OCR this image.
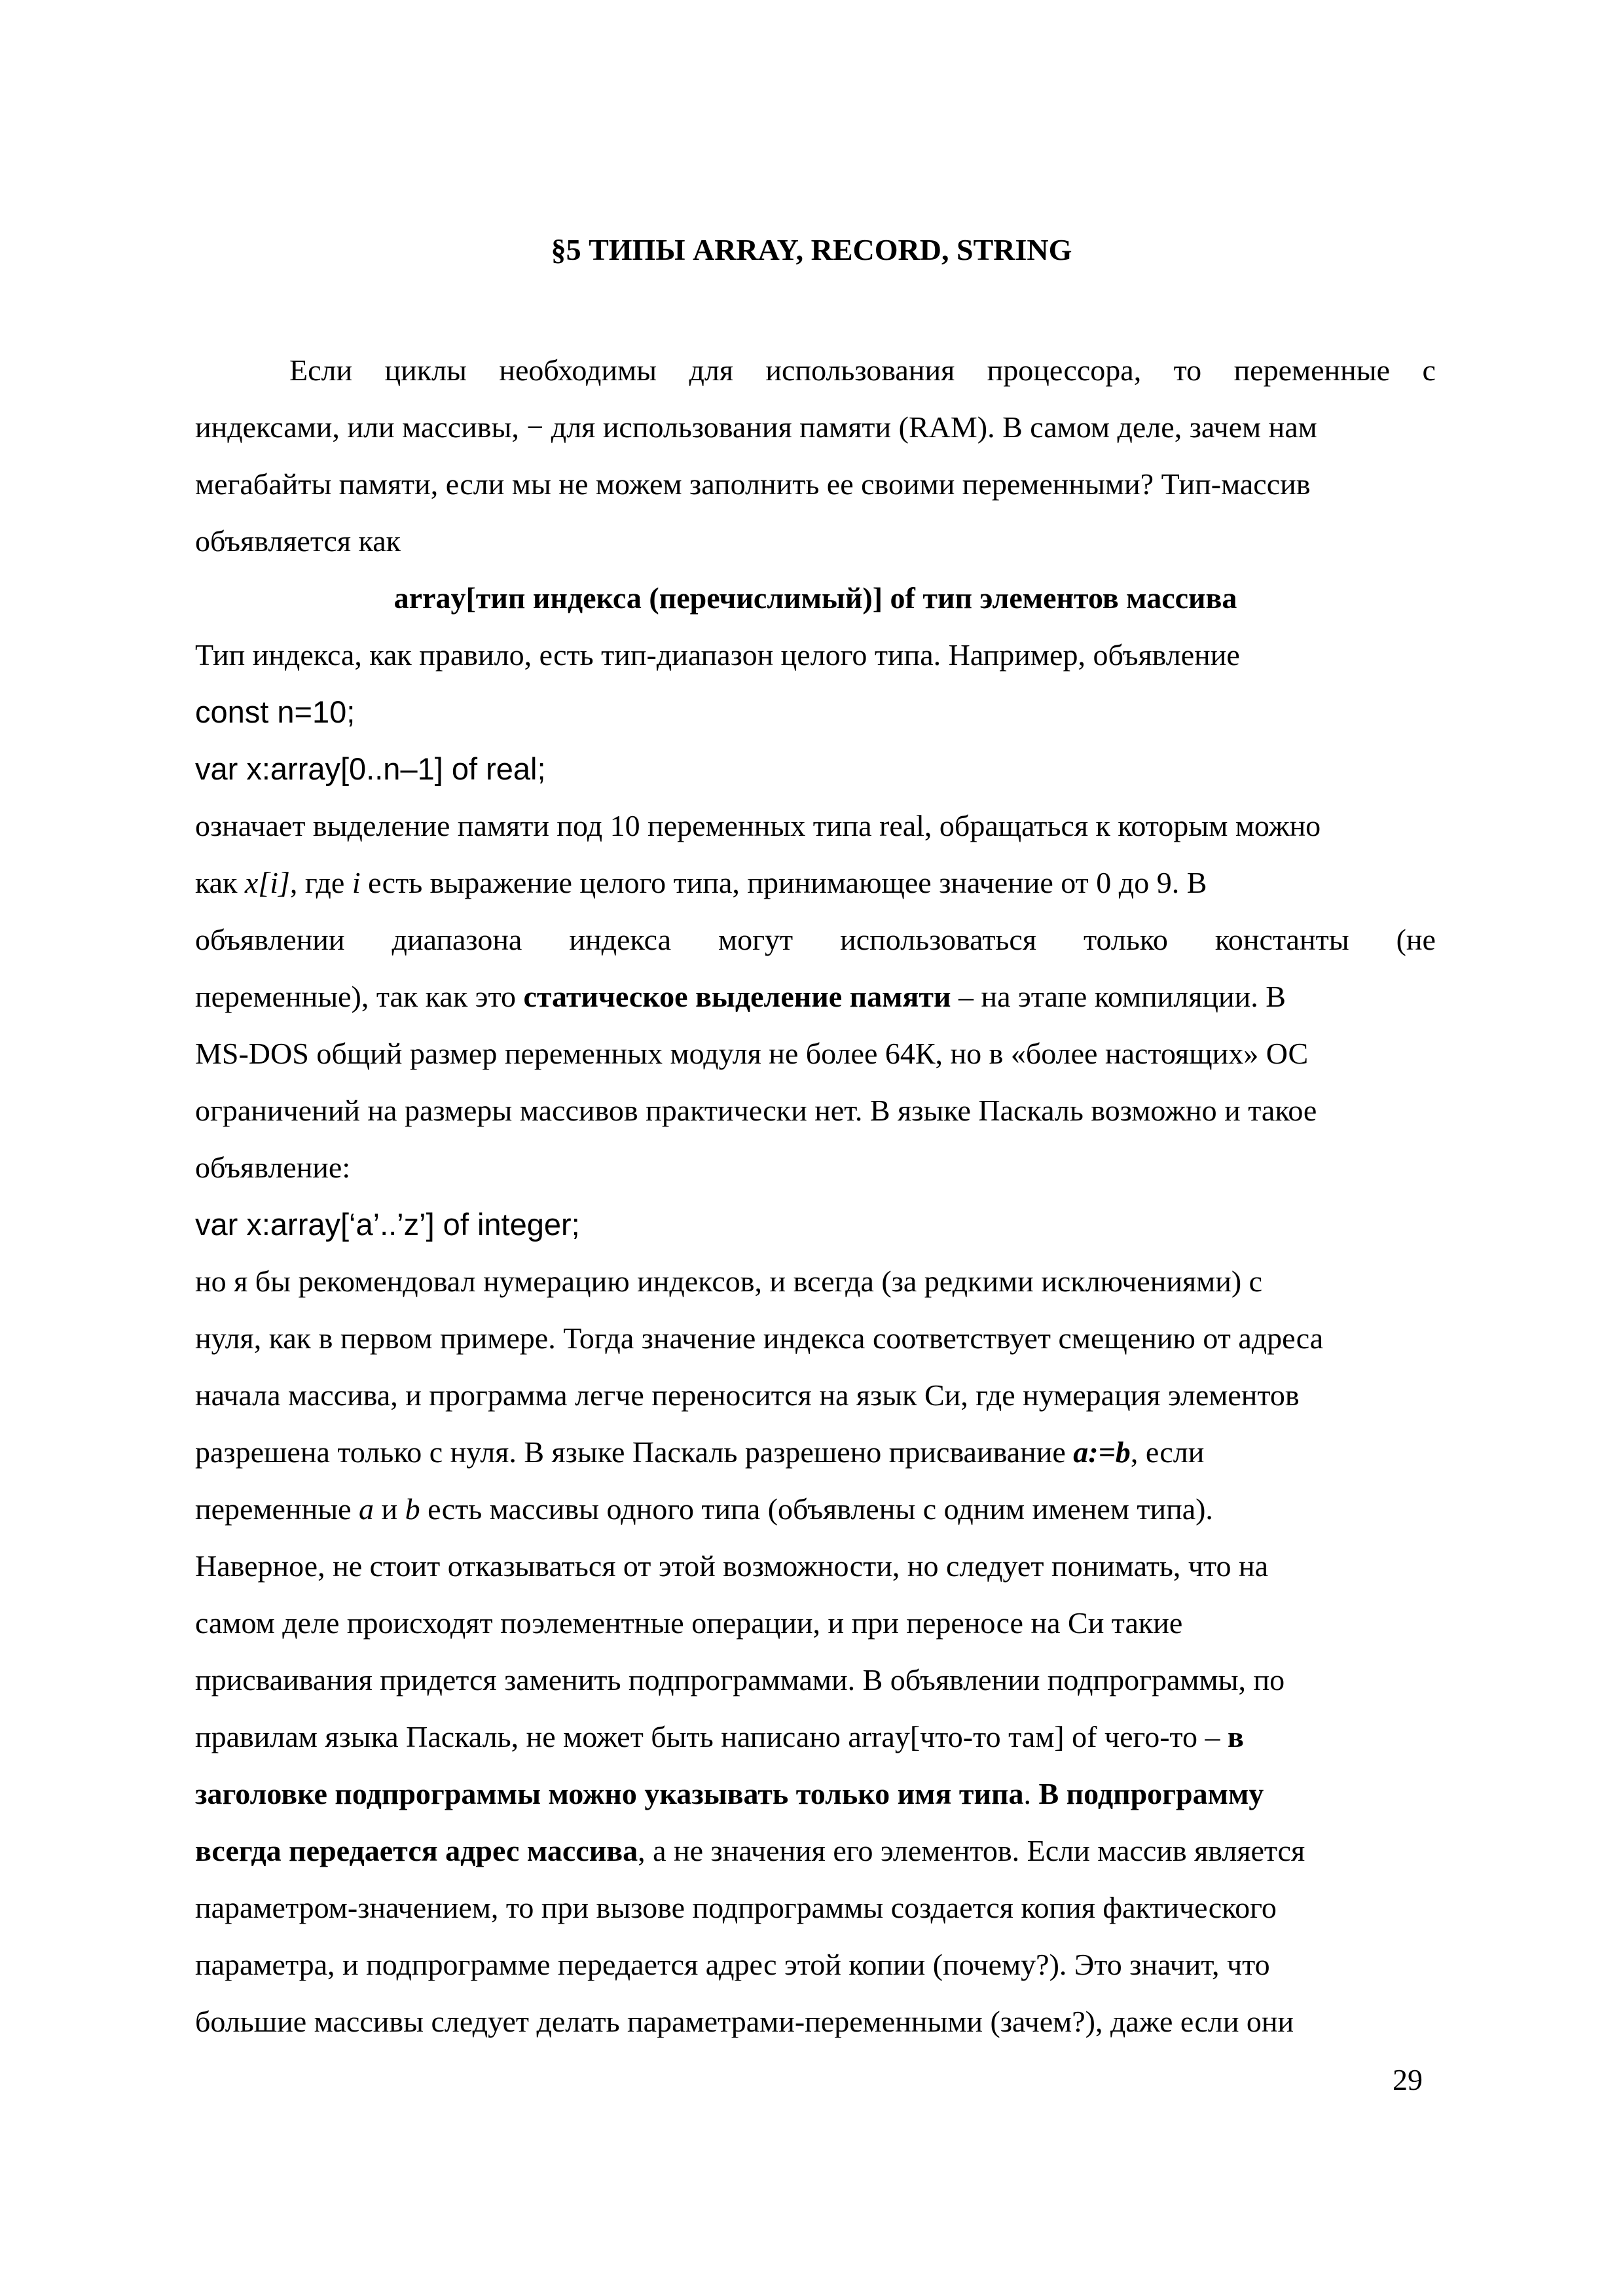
§5 ТИПЫ ARRAY, RECORD, STRING
Если циклы необходимы для использования процессора, то переменные с
индексами, или массивы, − для использования памяти (RAM). В самом деле, зачем нам
мегабайты памяти, если мы не можем заполнить ее своими переменными? Тип-массив
объявляется как
array[тип индекса (перечислимый)] of тип элементов массива
Тип индекса, как правило, есть тип-диапазон целого типа. Например, объявление
const n=10;
var x:array[0..n–1] of real;
означает выделение памяти под 10 переменных типа real, обращаться к которым можно
как x[i], где i есть выражение целого типа, принимающее значение от 0 до 9. В
объявлении диапазона индекса могут использоваться только константы (не
переменные), так как это статическое выделение памяти – на этапе компиляции. В
MS-DOS общий размер переменных модуля не более 64К, но в «более настоящих» ОС
ограничений на размеры массивов практически нет. В языке Паскаль возможно и такое
объявление:
var x:array[‘a’..’z’] of integer;
но я бы рекомендовал нумерацию индексов, и всегда (за редкими исключениями) с
нуля, как в первом примере. Тогда значение индекса соответствует смещению от адреса
начала массива, и программа легче переносится на язык Си, где нумерация элементов
разрешена только с нуля. В языке Паскаль разрешено присваивание a:=b, если
переменные a и b есть массивы одного типа (объявлены с одним именем типа).
Наверное, не стоит отказываться от этой возможности, но следует понимать, что на
самом деле происходят поэлементные операции, и при переносе на Си такие
присваивания придется заменить подпрограммами. В объявлении подпрограммы, по
правилам языка Паскаль, не может быть написано array[что-то там] of чего-то – в
заголовке подпрограммы можно указывать только имя типа. В подпрограмму
всегда передается адрес массива, а не значения его элементов. Если массив является
параметром-значением, то при вызове подпрограммы создается копия фактического
параметра, и подпрограмме передается адрес этой копии (почему?). Это значит, что
большие массивы следует делать параметрами-переменными (зачем?), даже если они
29
